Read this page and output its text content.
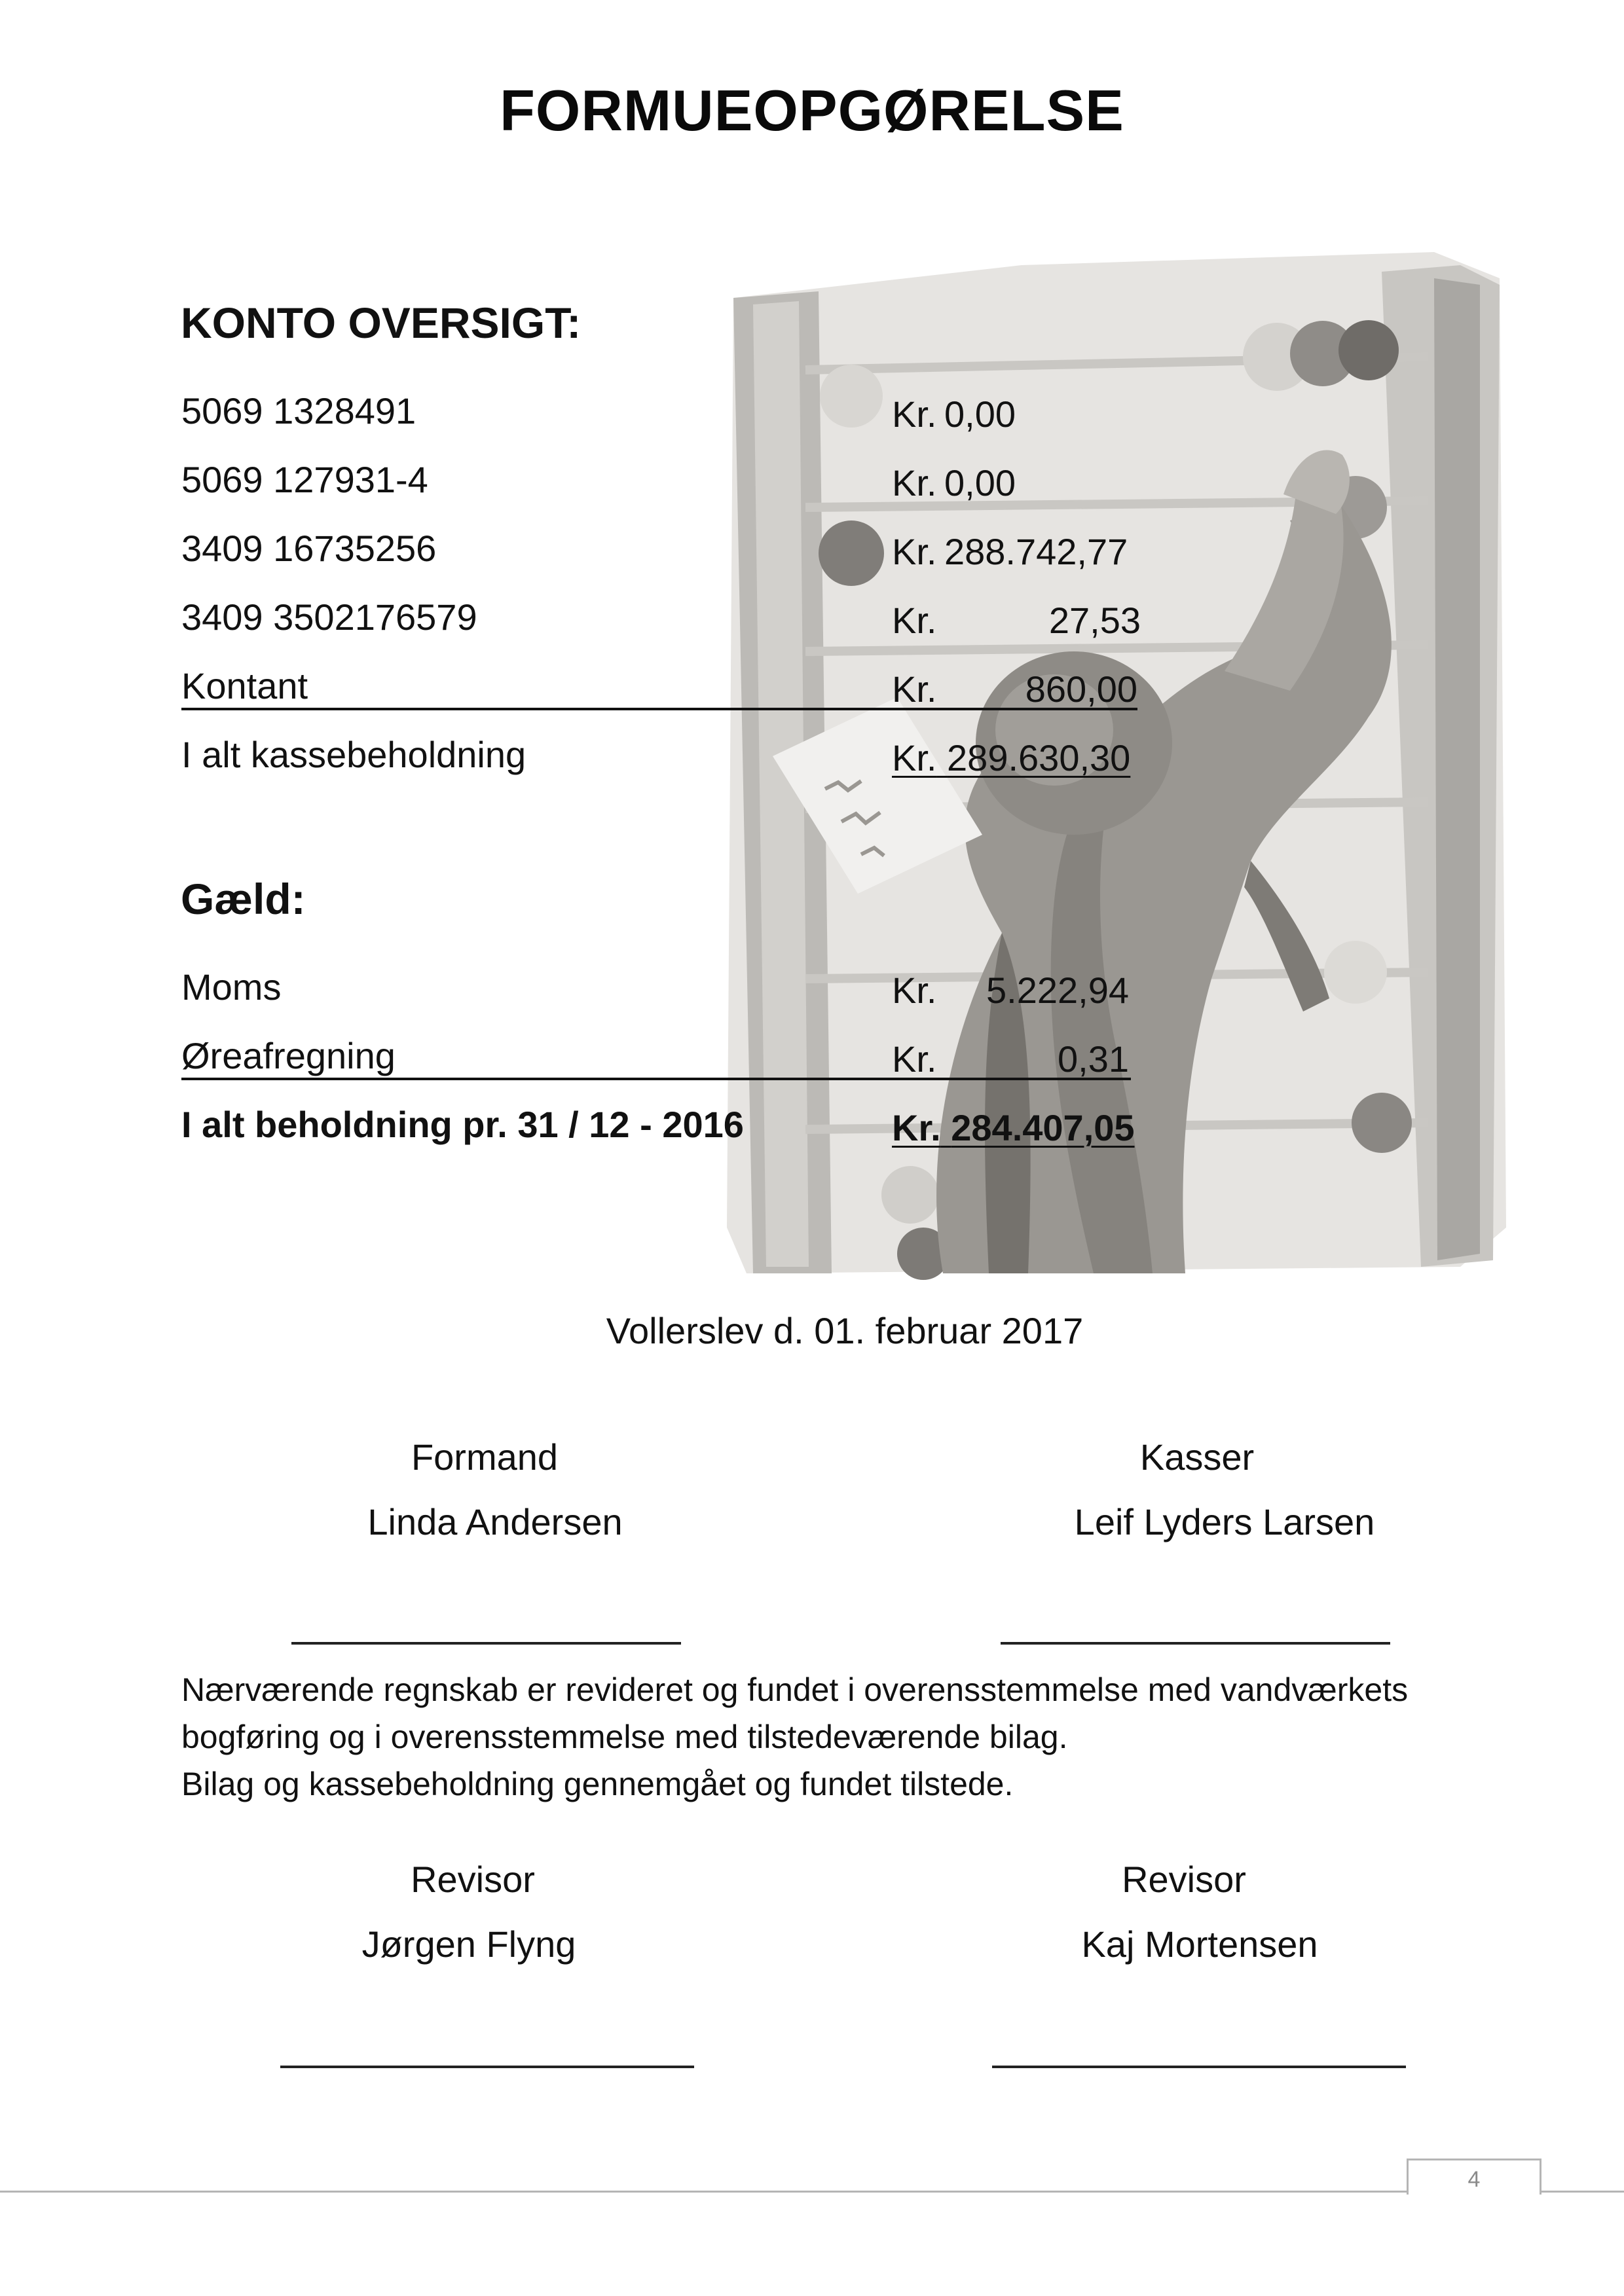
FORMUEOPGØRELSE
KONTO OVERSIGT:
5069 1328491	Kr. 0,00
5069 127931-4	Kr. 0,00
3409 16735256	Kr. 288.742,77
3409 3502176579	Kr.	27,53
Kontant	Kr. 860,00
I alt kassebeholdning	Kr. 289.630,30
Gæld:
Moms	Kr. 5.222,94
Øreafregning	Kr.	0,31
I alt beholdning pr. 31 / 12 - 2016	Kr. 284.407,05
Vollerslev d. 01. februar 2017
Formand
Linda Andersen
Kasser
Leif Lyders Larsen
Nærværende regnskab er revideret og fundet i overensstemmelse med vandværkets
bogføring og i overensstemmelse med tilstedeværende bilag.
Bilag og kassebeholdning gennemgået og fundet tilstede.
Revisor
Jørgen Flyng
Revisor
Kaj Mortensen
4
